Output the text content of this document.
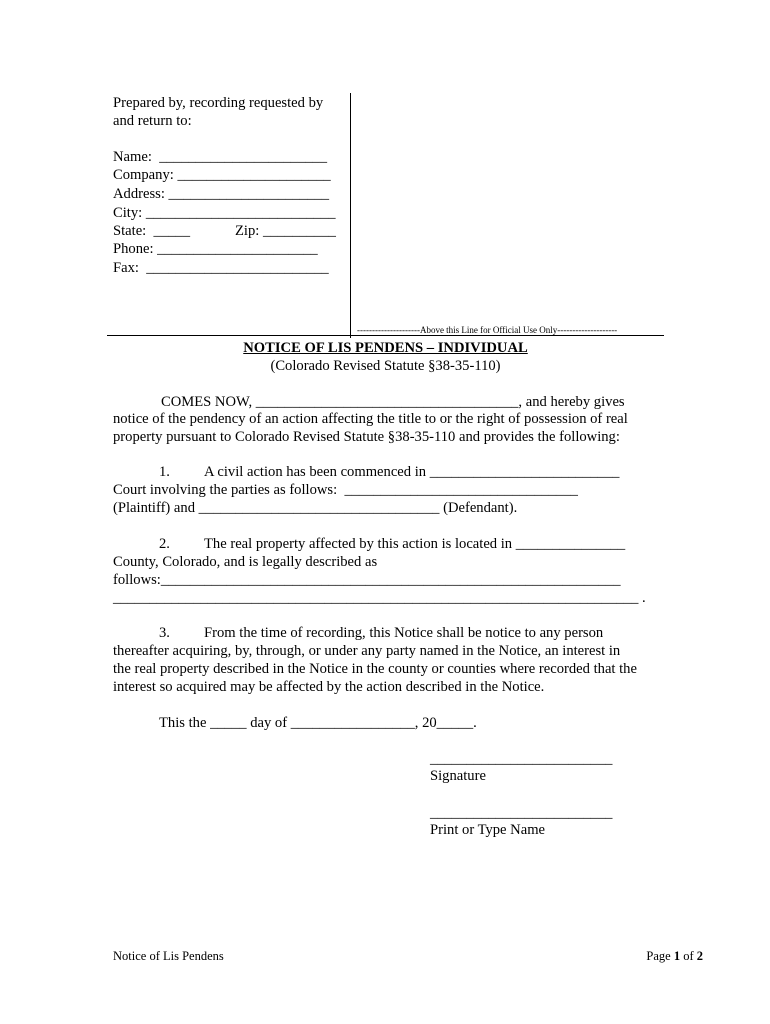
Prepared by, recording requested by
and return to:
Name:  _______________________
Company: _____________________
Address: ______________________
City: __________________________
State:  _____	Zip: __________
Phone: ______________________
Fax:  _________________________
---------------------Above this Line for Official Use Only--------------------
NOTICE OF LIS PENDENS – INDIVIDUAL
(Colorado Revised Statute §38-35-110)
COMES NOW, ____________________________________, and hereby gives
notice of the pendency of an action affecting the title to or the right of possession of real
property pursuant to Colorado Revised Statute §38-35-110 and provides the following:
1. A civil action has been commenced in __________________________
Court involving the parties as follows:  ________________________________
(Plaintiff) and _________________________________ (Defendant).
2. The real property affected by this action is located in _______________
County, Colorado, and is legally described as
follows:_______________________________________________________________
________________________________________________________________________ .
3. From the time of recording, this Notice shall be notice to any person
thereafter acquiring, by, through, or under any party named in the Notice, an interest in
the real property described in the Notice in the county or counties where recorded that the
interest so acquired may be affected by the action described in the Notice.
This the _____ day of _________________, 20_____.
_________________________
Signature
_________________________
Print or Type Name
Notice of Lis Pendens	Page 1 of 2
